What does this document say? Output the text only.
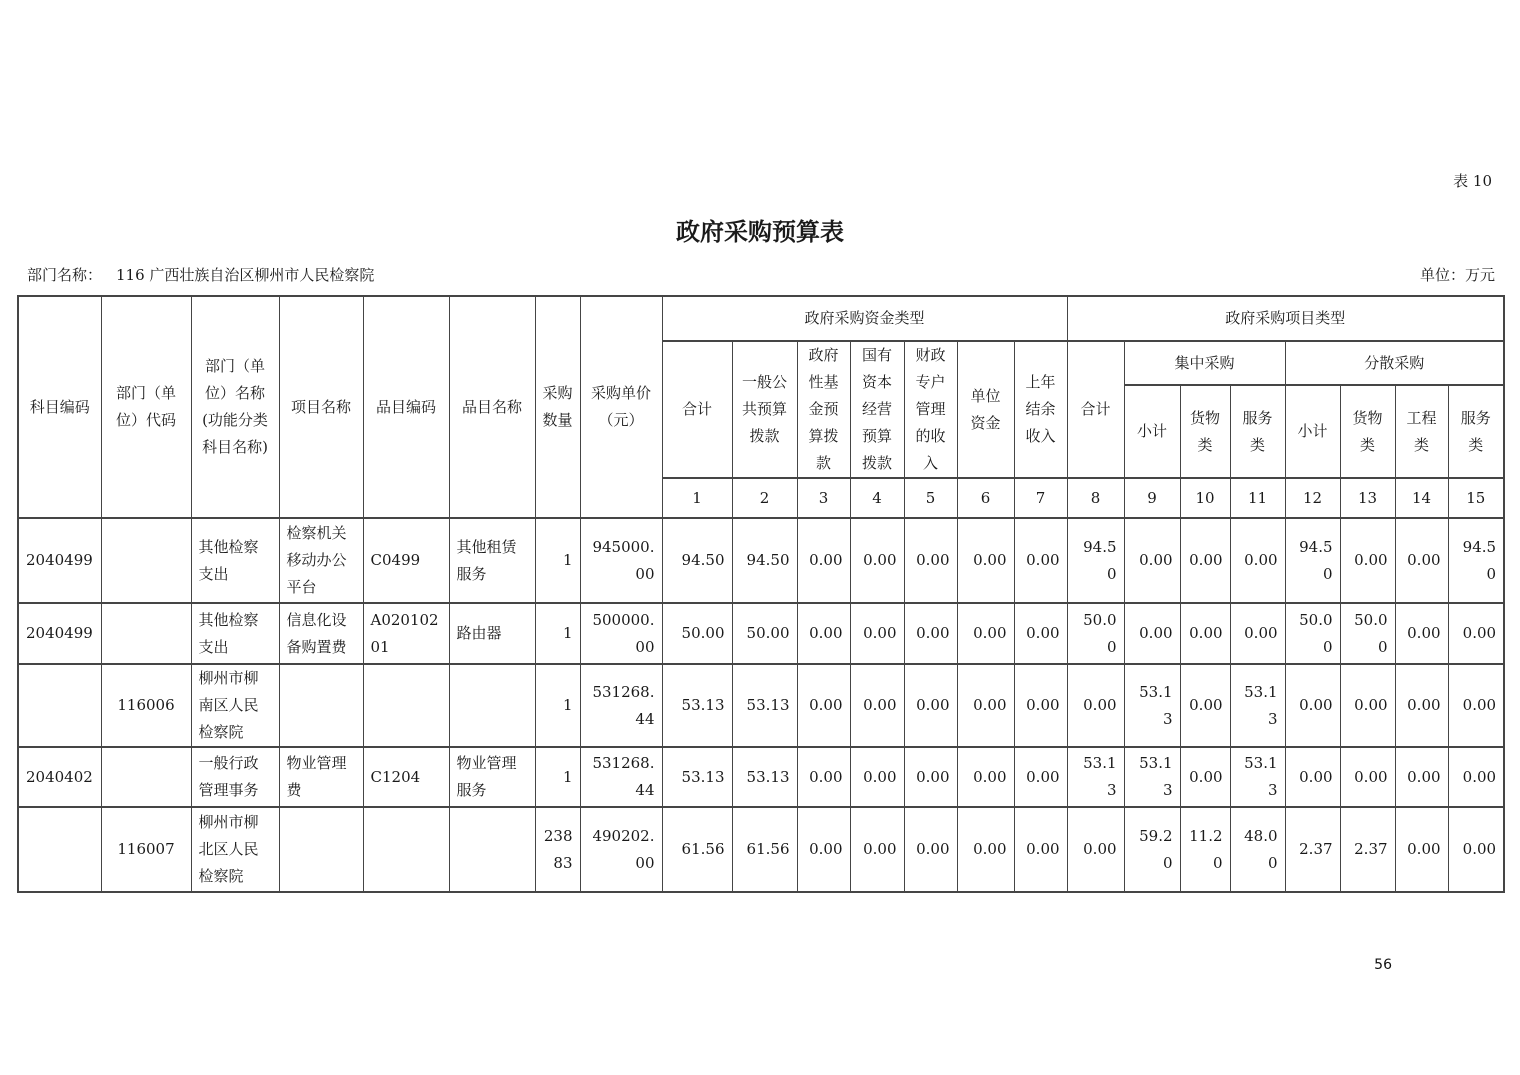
表 10
政府采购预算表
部门名称： 116 广西壮族自治区柳州市人民检察院	单位：万元
科目编码	部门（单位）代码	部门（单位）名称(功能分类科目名称)	项目名称	品目编码	品目名称	采购数量	采购单价（元）	政府采购资金类型							政府采购项目类型							
								合计	一般公共预算拨款	政府性基金预算拨款	国有资本经营预算拨款	财政专户管理的收入	单位资金	上年结余收入	合计	集中采购			分散采购			
																小计	货物类	服务类	小计	货物类	工程类	服务类
								1	2	3	4	5	6	7	8	9	10	11	12	13	14	15
2040499		其他检察支出	检察机关移动办公平台	C0499	其他租赁服务	1	945000.00	94.50	94.50	0.00	0.00	0.00	0.00	0.00	94.50	0.00	0.00	0.00	94.50	0.00	0.00	94.50
2040499		其他检察支出	信息化设备购置费	A02010201	路由器	1	500000.00	50.00	50.00	0.00	0.00	0.00	0.00	0.00	50.00	0.00	0.00	0.00	50.00	50.00	0.00	0.00
	116006	柳州市柳南区人民检察院				1	531268.44	53.13	53.13	0.00	0.00	0.00	0.00	0.00	0.00	53.13	0.00	53.13	0.00	0.00	0.00	0.00
2040402		一般行政管理事务	物业管理费	C1204	物业管理服务	1	531268.44	53.13	53.13	0.00	0.00	0.00	0.00	0.00	53.13	53.13	0.00	53.13	0.00	0.00	0.00	0.00
	116007	柳州市柳北区人民检察院				23883	490202.00	61.56	61.56	0.00	0.00	0.00	0.00	0.00	0.00	59.20	11.20	48.00	2.37	2.37	0.00	0.00
56
